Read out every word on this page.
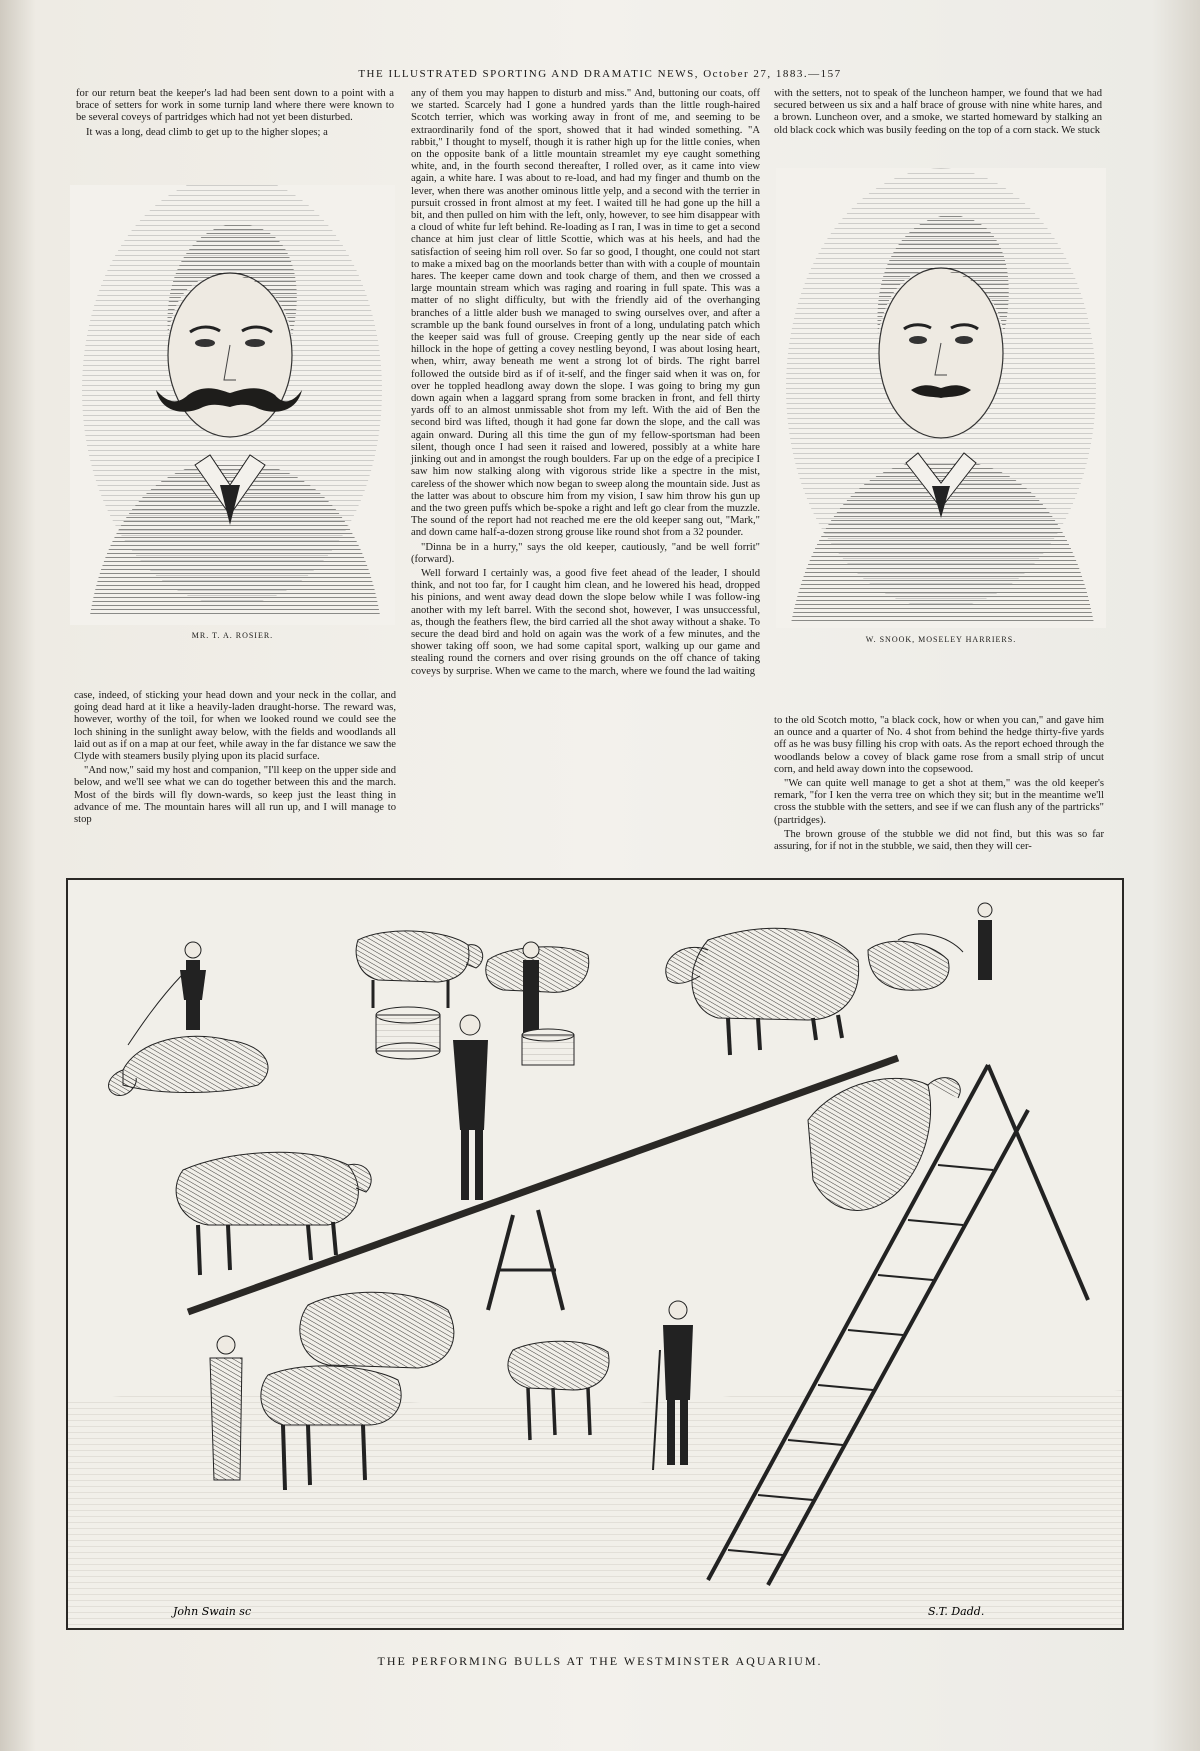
THE ILLUSTRATED SPORTING AND DRAMATIC NEWS, October 27, 1883.—157

for our return beat the keeper's lad had been sent down to a point with a brace of setters for work in some turnip land where there were known to be several coveys of partridges which had not yet been disturbed.

It was a long, dead climb to get up to the higher slopes; a

MR. T. A. ROSIER.

any of them you may happen to disturb and miss." And, buttoning our coats, off we started. Scarcely had I gone a hundred yards than the little rough-haired Scotch terrier, which was working away in front of me, and seeming to be extraordinarily fond of the sport, showed that it had winded something. "A rabbit," I thought to myself, though it is rather high up for the little conies, when on the opposite bank of a little mountain streamlet my eye caught something white, and, in the fourth second thereafter, I rolled over, as it came into view again, a white hare. I was about to re-load, and had my finger and thumb on the lever, when there was another ominous little yelp, and a second with the terrier in pursuit crossed in front almost at my feet. I waited till he had gone up the hill a bit, and then pulled on him with the left, only, however, to see him disappear with a cloud of white fur left behind. Re-loading as I ran, I was in time to get a second chance at him just clear of little Scottie, which was at his heels, and had the satisfaction of seeing him roll over. So far so good, I thought, one could not start to make a mixed bag on the moorlands better than with with a couple of mountain hares. The keeper came down and took charge of them, and then we crossed a large mountain stream which was raging and roaring in full spate. This was a matter of no slight difficulty, but with the friendly aid of the overhanging branches of a little alder bush we managed to swing ourselves over, and after a scramble up the bank found ourselves in front of a long, undulating patch which the keeper said was full of grouse. Creeping gently up the near side of each hillock in the hope of getting a covey nestling beyond, I was about losing heart, when, whirr, away beneath me went a strong lot of birds. The right barrel followed the outside bird as if of it-self, and the finger said when it was on, for over he toppled headlong away down the slope. I was going to bring my gun down again when a laggard sprang from some bracken in front, and fell thirty yards off to an almost unmissable shot from my left. With the aid of Ben the second bird was lifted, though it had gone far down the slope, and the call was again onward. During all this time the gun of my fellow-sportsman had been silent, though once I had seen it raised and lowered, possibly at a white hare jinking out and in amongst the rough boulders. Far up on the edge of a precipice I saw him now stalking along with vigorous stride like a spectre in the mist, careless of the shower which now began to sweep along the mountain side. Just as the latter was about to obscure him from my vision, I saw him throw his gun up and the two green puffs which be-spoke a right and left go clear from the muzzle. The sound of the report had not reached me ere the old keeper sang out, "Mark," and down came half-a-dozen strong grouse like round shot from a 32 pounder.

"Dinna be in a hurry," says the old keeper, cautiously, "and be well forrit" (forward).

Well forward I certainly was, a good five feet ahead of the leader, I should think, and not too far, for I caught him clean, and he lowered his head, dropped his pinions, and went away dead down the slope below while I was follow-ing another with my left barrel. With the second shot, however, I was unsuccessful, as, though the feathers flew, the bird carried all the shot away without a shake. To secure the dead bird and hold on again was the work of a few minutes, and the shower taking off soon, we had some capital sport, walking up our game and stealing round the corners and over rising grounds on the off chance of taking coveys by surprise. When we came to the march, where we found the lad waiting

with the setters, not to speak of the luncheon hamper, we found that we had secured between us six and a half brace of grouse with nine white hares, and a brown. Luncheon over, and a smoke, we started homeward by stalking an old black cock which was busily feeding on the top of a corn stack. We stuck

W. SNOOK, MOSELEY HARRIERS.

case, indeed, of sticking your head down and your neck in the collar, and going dead hard at it like a heavily-laden draught-horse. The reward was, however, worthy of the toil, for when we looked round we could see the loch shining in the sunlight away below, with the fields and woodlands all laid out as if on a map at our feet, while away in the far distance we saw the Clyde with steamers busily plying upon its placid surface.

"And now," said my host and companion, "I'll keep on the upper side and below, and we'll see what we can do together between this and the march. Most of the birds will fly down-wards, so keep just the least thing in advance of me. The mountain hares will all run up, and I will manage to stop

to the old Scotch motto, "a black cock, how or when you can," and gave him an ounce and a quarter of No. 4 shot from behind the hedge thirty-five yards off as he was busy filling his crop with oats. As the report echoed through the woodlands below a covey of black game rose from a small strip of uncut corn, and held away down into the copsewood.

"We can quite well manage to get a shot at them," was the old keeper's remark, "for I ken the verra tree on which they sit; but in the meantime we'll cross the stubble with the setters, and see if we can flush any of the partricks" (partridges).

The brown grouse of the stubble we did not find, but this was so far assuring, for if not in the stubble, we said, then they will cer-

John Swain sc	S.T. Dadd.
THE PERFORMING BULLS AT THE WESTMINSTER AQUARIUM.
